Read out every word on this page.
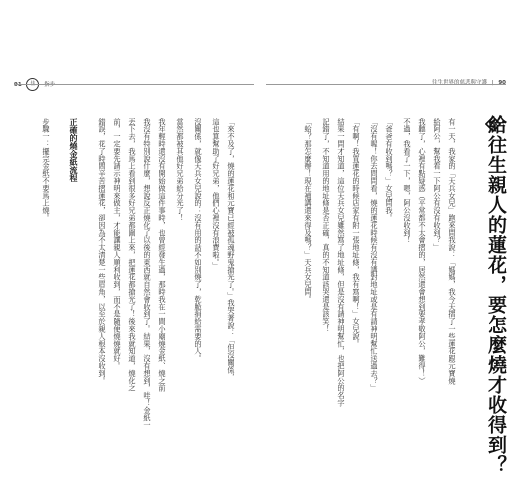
91 佳 指步	往生世界的慈悲與守護 | 90
給往生親人的蓮花，要怎麼燒才收得到？
有一天，我家的「天兵女兒」跑來問我說：「媽媽，我今天摺了一些蓮花跟元寶燒
給阿公，幫我看一下阿公有沒有收到？」
我聽了，心裡有點疑惑（平常都不太會摺的，居然還會想到要孝敬阿公，難得！）
不過，我看了一下，嗯，阿公沒收到！
「爸爸有收到嗎？」女兒問我。
「沒有喔！你去問問看，燒的蓮花時候有沒有講對地址或是有請神明幫忙送過去？」
「有啊！我買蓮花的時候店家有附一張地址條，我有寫啊！」女兒說。
結果一問才知道，這位天兵女兒雖然寫了地址條，但是沒有請神明幫忙，也把阿公的名字
記錯了，不知道用的地址條是否正確，真的不知道該哭還是該笑！
「蛤？那怎麼辦！現在補講還來得及嗎？」天兵女兒問。
「來不及了，燒的蓮花和元寶已經被孤魂野鬼搶光了。」我哭著說：「但沒關係，
這也算幫助了好兄弟，他們心裡沒有浪費啦。」
沒關係，就像天兵女兒說的：沒有用的話不如別燒了，乾脆捐給需要的人。
當然都被其他好兄弟給分光了！
我年輕時還沒有開始做這件事時，也曾經發生過，那時我在一間小廟燒金紙、燒之前
我沒有特別說什麼，想說反正燒化了以後的東西就自然會收到了。結果，沒有想到，哇！金紙一
丟下去，我馬上看到很多好兄弟都圍上來，把蓮花都搶光了！後來我就知道，燒化之
前，一定要先請示神明來做主，才能讓親人順利收到，而不是隨便燒燒就好。
錯誤，花了時間辛苦摺蓮花，卻因為不太清楚一些眉角，以至於親人根本沒收到。
正確的燒金紙流程
步驟一：擺完金紙不要馬上燒。
